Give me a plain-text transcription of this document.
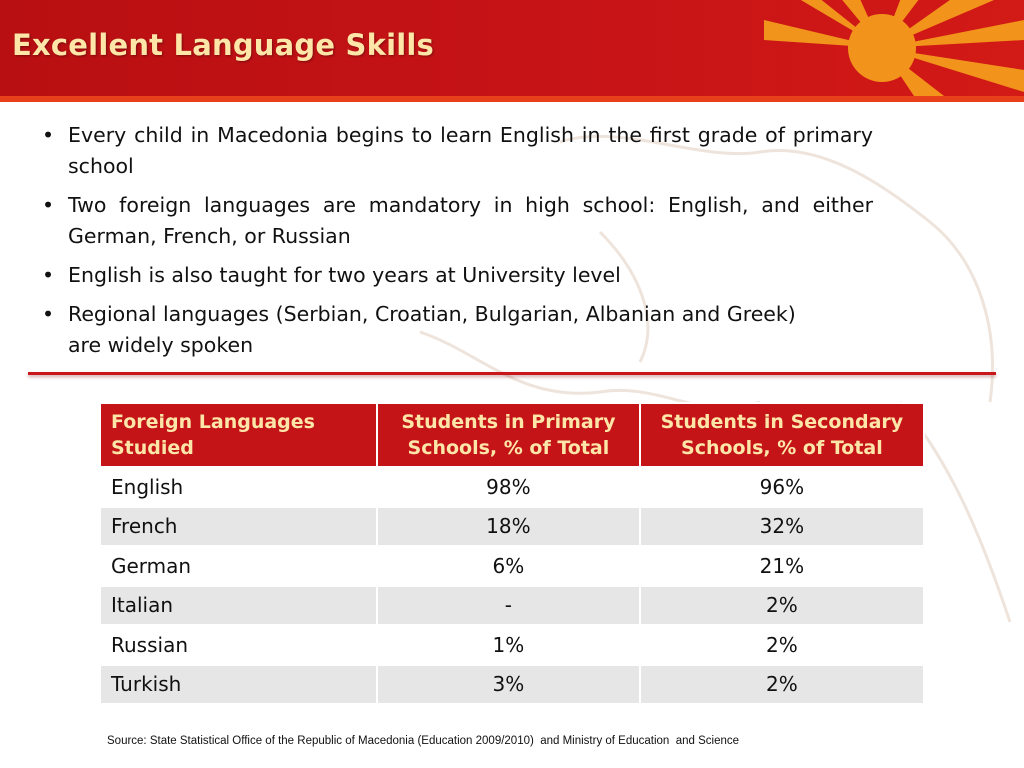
Excellent Language Skills
• Every child in Macedonia begins to learn English in the first grade of primary school
• Two foreign languages are mandatory in high school: English, and either German, French, or Russian
• English is also taught for two years at University level
• Regional languages (Serbian, Croatian, Bulgarian, Albanian and Greek) are widely spoken
Foreign Languages Studied	Students in Primary Schools, % of Total	Students in Secondary Schools, % of Total
English	98%	96%
French	18%	32%
German	6%	21%
Italian	-	2%
Russian	1%	2%
Turkish	3%	2%
Source: State Statistical Office of the Republic of Macedonia (Education 2009/2010)  and Ministry of Education  and Science
